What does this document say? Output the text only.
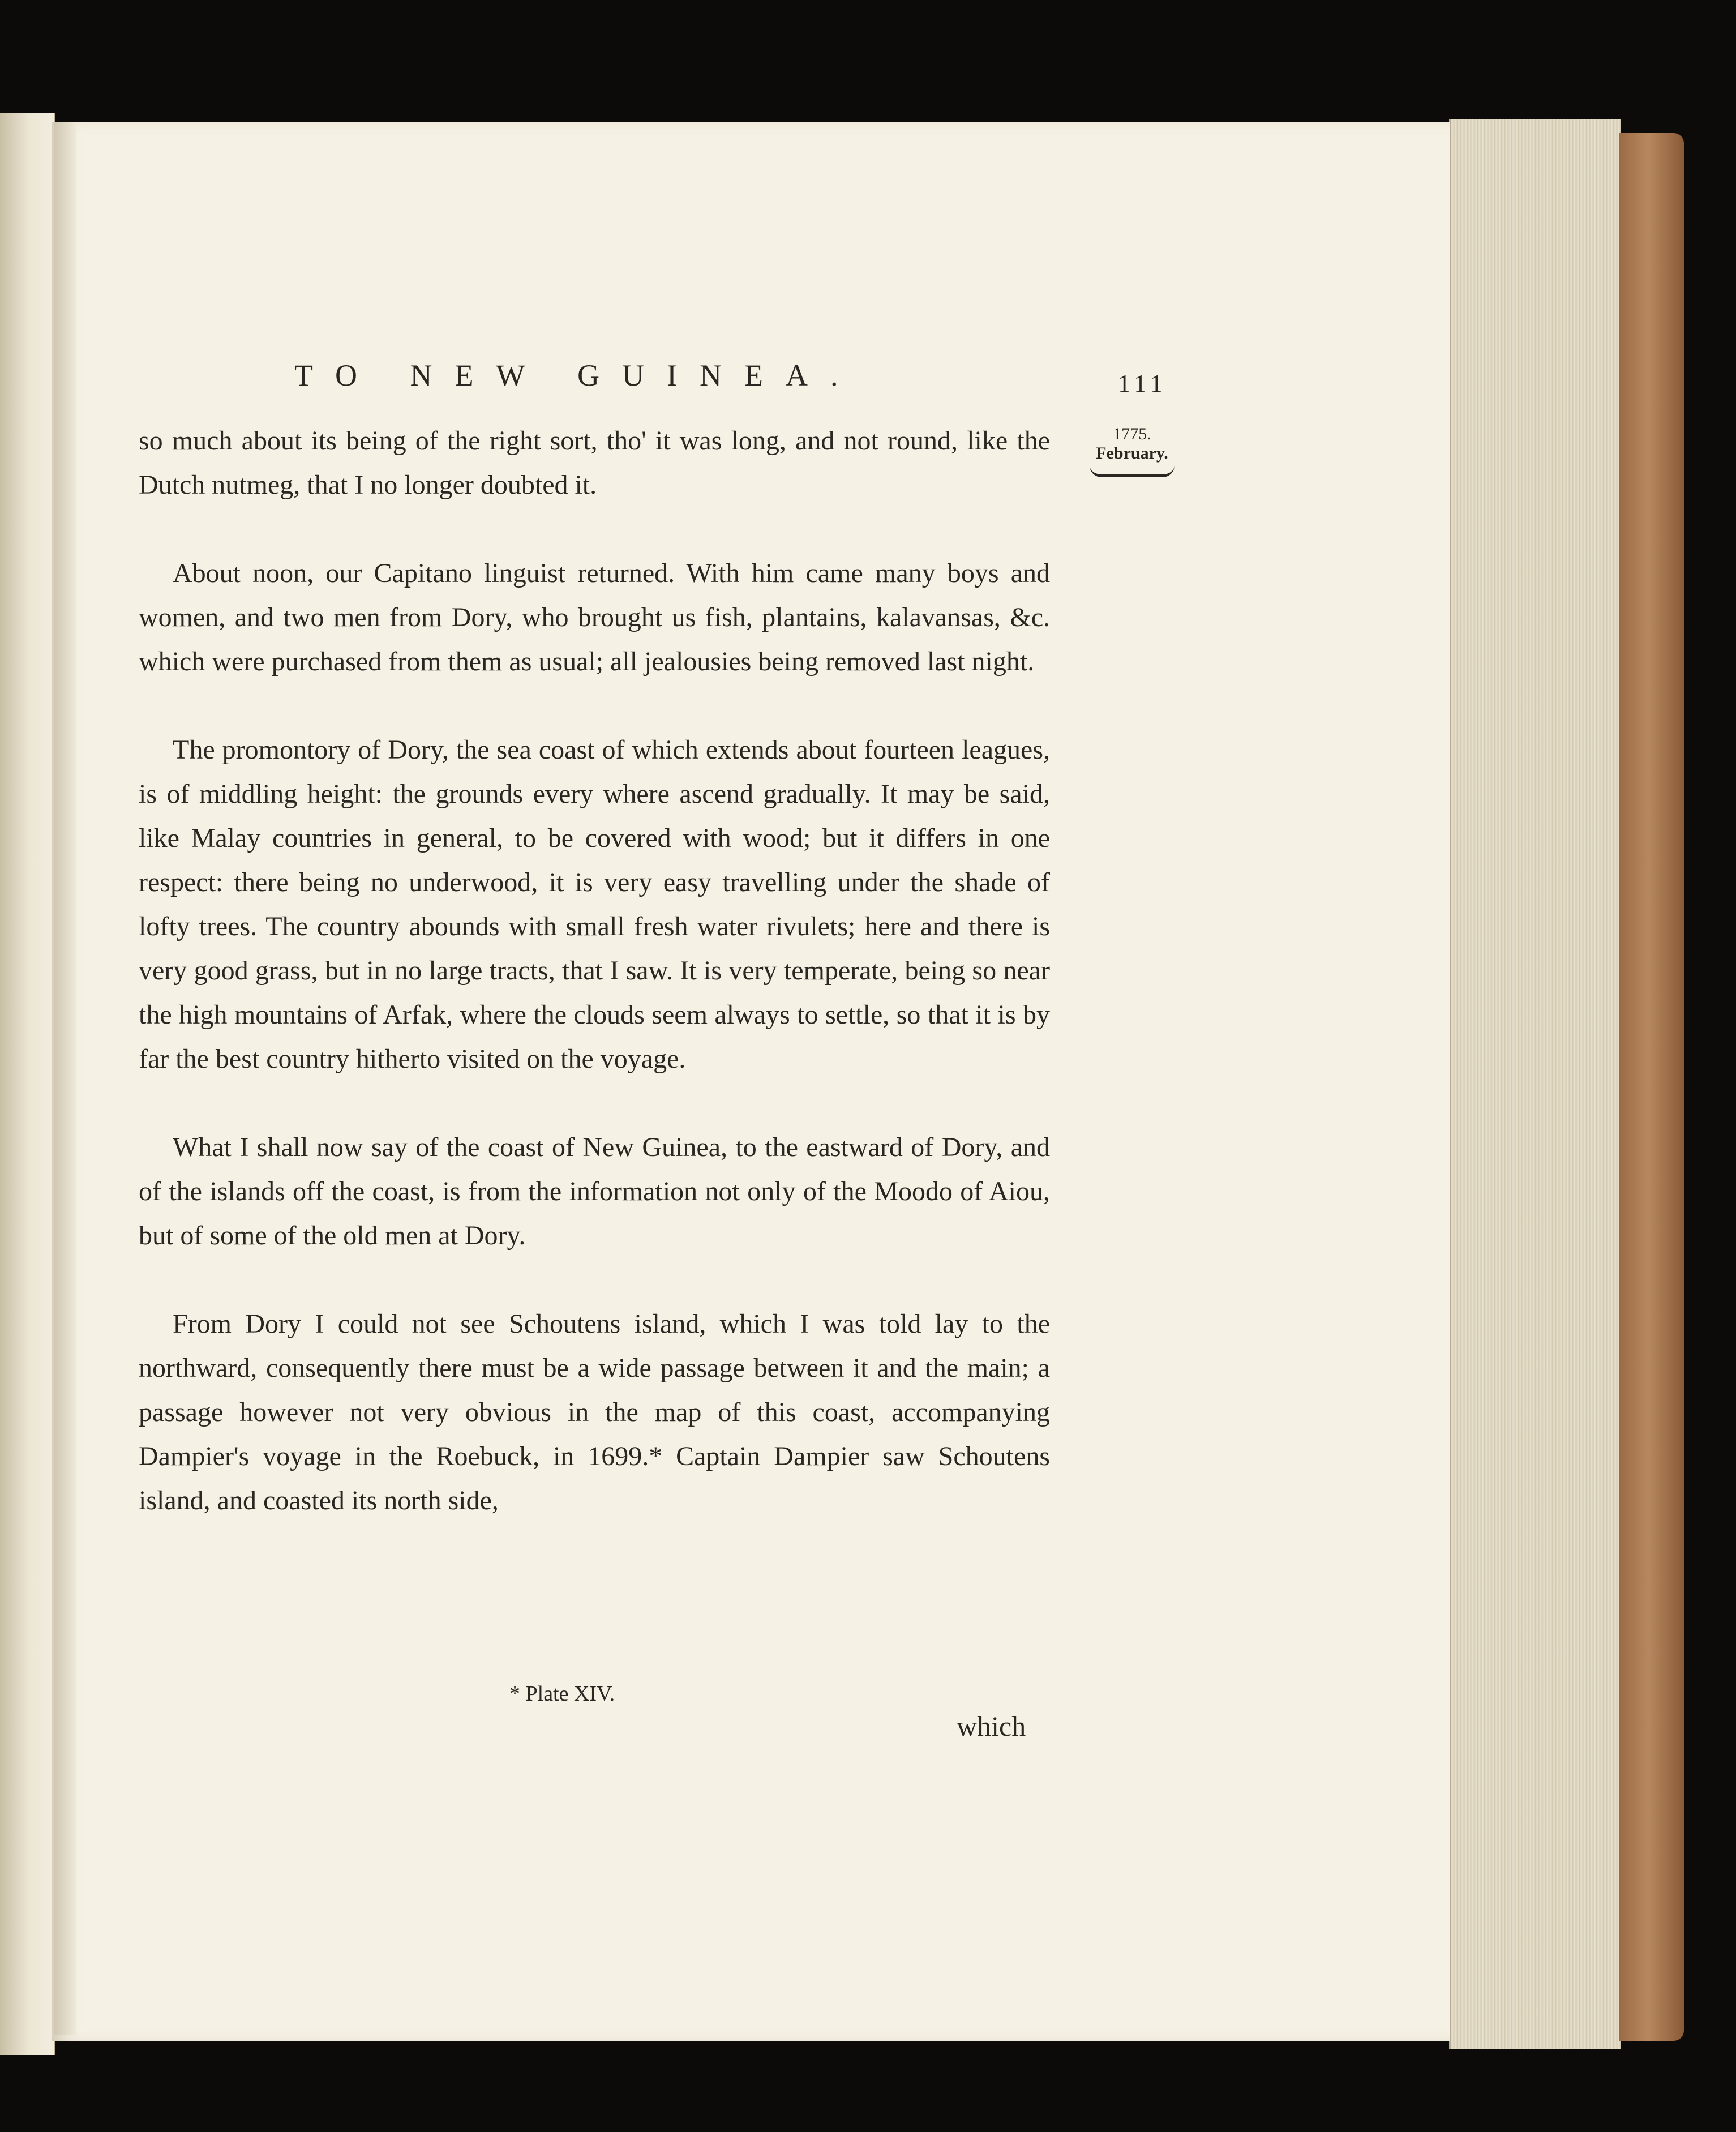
TO NEW GUINEA.	111
1775.
February.

so much about its being of the right sort, tho' it was long, and not round, like the Dutch nutmeg, that I no longer doubted it.

About noon, our Capitano linguist returned. With him came many boys and women, and two men from Dory, who brought us fish, plantains, kalavansas, &c. which were purchased from them as usual; all jealousies being removed last night.

The promontory of Dory, the sea coast of which extends about fourteen leagues, is of middling height: the grounds every where ascend gradually. It may be said, like Malay countries in general, to be covered with wood; but it differs in one respect: there being no underwood, it is very easy travelling under the shade of lofty trees. The country abounds with small fresh water rivulets; here and there is very good grass, but in no large tracts, that I saw. It is very temperate, being so near the high mountains of Arfak, where the clouds seem always to settle, so that it is by far the best country hitherto visited on the voyage.

What I shall now say of the coast of New Guinea, to the eastward of Dory, and of the islands off the coast, is from the information not only of the Moodo of Aiou, but of some of the old men at Dory.

From Dory I could not see Schoutens island, which I was told lay to the northward, consequently there must be a wide passage between it and the main; a passage however not very obvious in the map of this coast, accompanying Dampier's voyage in the Roebuck, in 1699.* Captain Dampier saw Schoutens island, and coasted its north side,

* Plate XIV.
which
